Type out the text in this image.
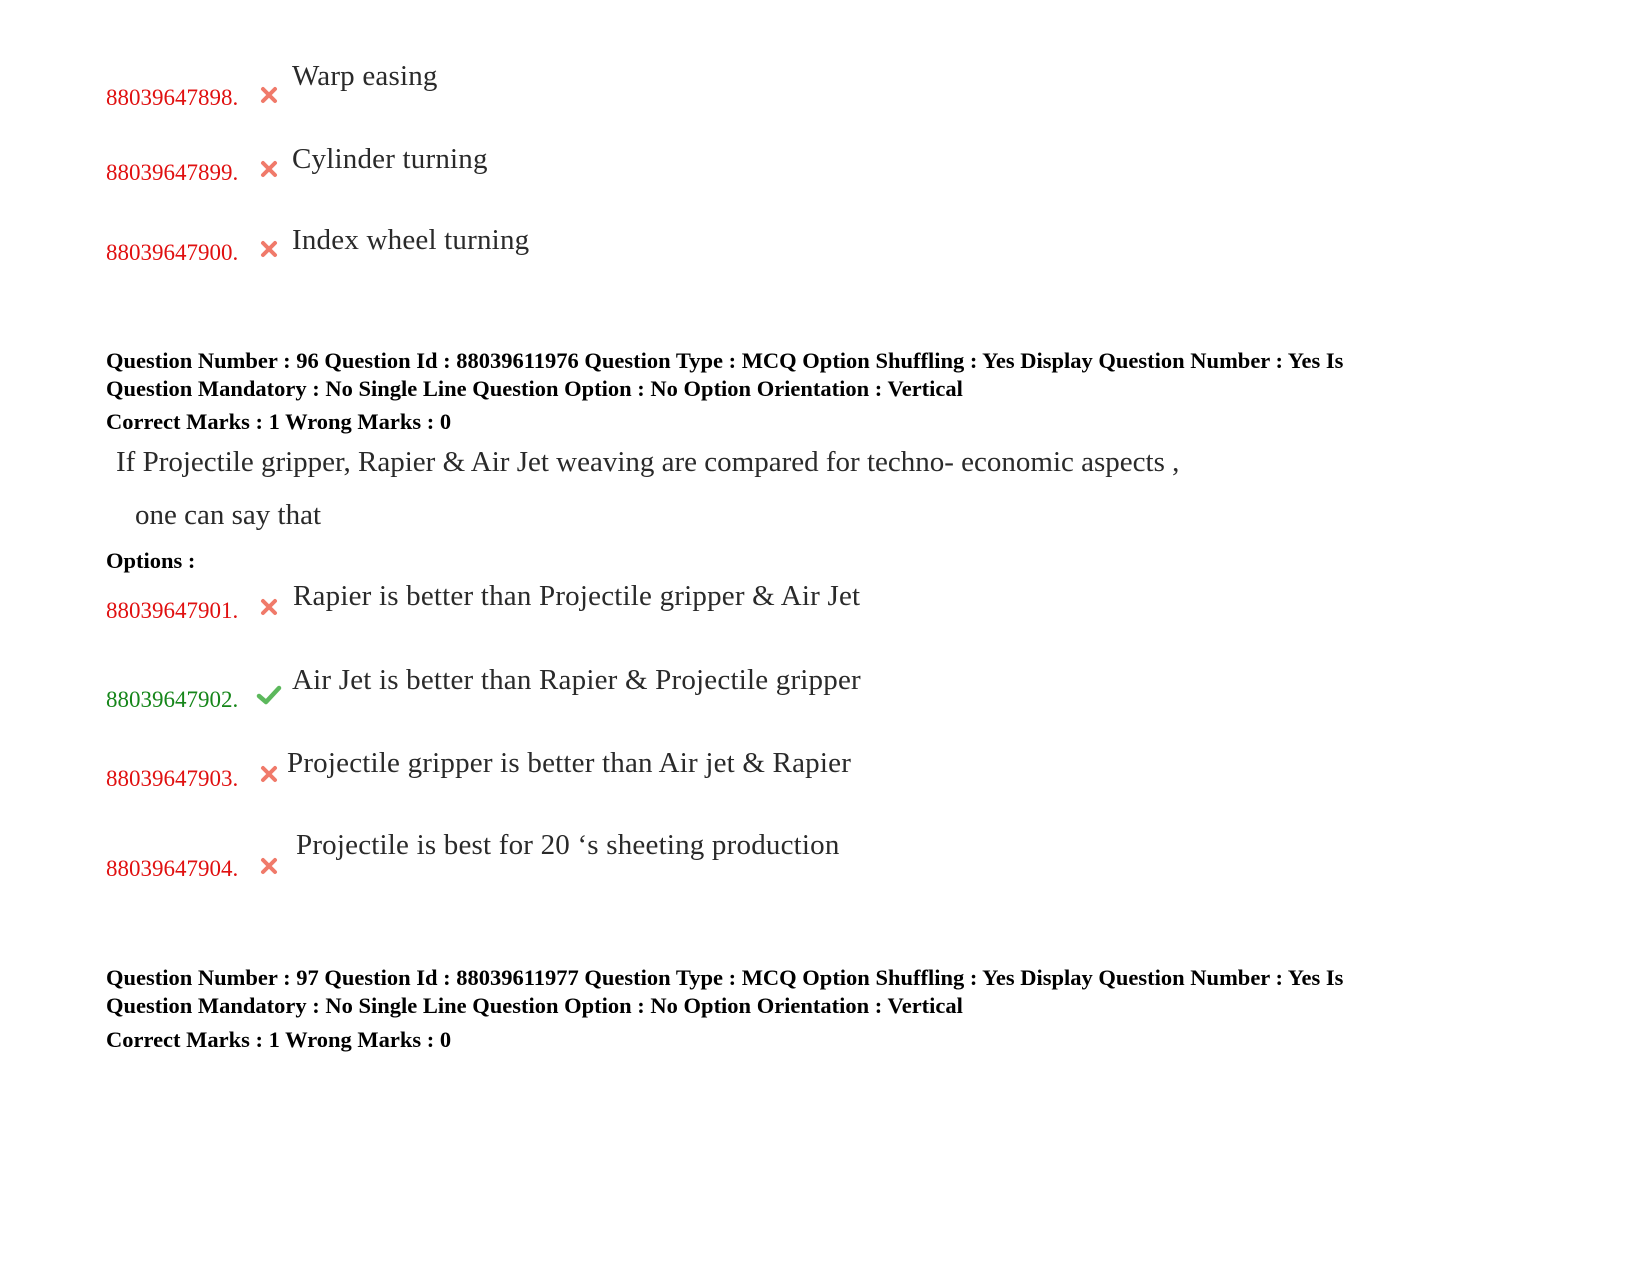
88039647898.
Warp easing
88039647899. Cylinder turning
88039647900. Index wheel turning
Question Number : 96 Question Id : 88039611976 Question Type : MCQ Option Shuffling : Yes Display Question Number : Yes Is
Question Mandatory : No Single Line Question Option : No Option Orientation : Vertical
Correct Marks : 1 Wrong Marks : 0
If Projectile gripper, Rapier & Air Jet weaving are compared for techno- economic aspects ,
one can say that
Options :
88039647901. Rapier is better than Projectile gripper & Air Jet
88039647902.
Air Jet is better than Rapier & Projectile gripper
88039647903. Projectile gripper is better than Air jet & Rapier
88039647904.
Projectile is best for 20 ‘s sheeting production
Question Number : 97 Question Id : 88039611977 Question Type : MCQ Option Shuffling : Yes Display Question Number : Yes Is
Question Mandatory : No Single Line Question Option : No Option Orientation : Vertical
Correct Marks : 1 Wrong Marks : 0
